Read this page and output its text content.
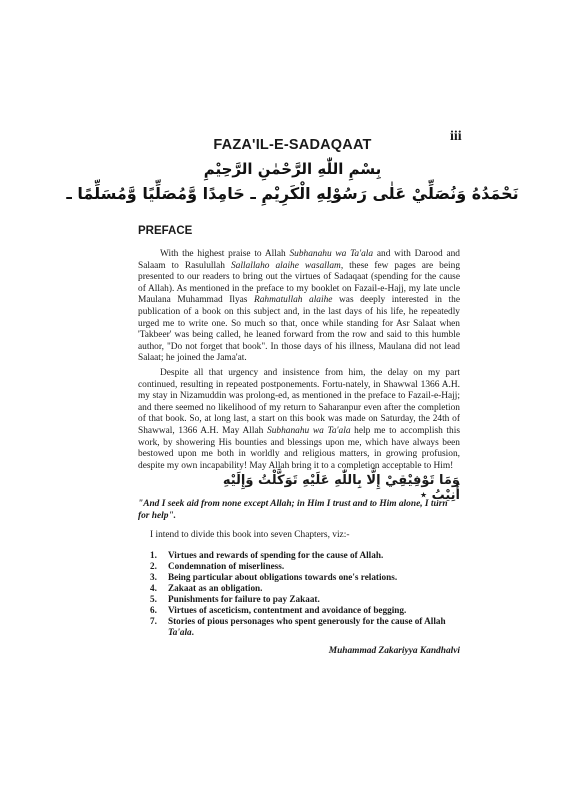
FAZA'IL-E-SADAQAAT
iii
بِسْمِ اللّٰهِ الرَّحْمٰنِ الرَّحِيْمِ
نَحْمَدُهُ وَنُصَلِّيْ عَلٰى رَسُوْلِهِ الْكَرِيْمِ ـ حَامِدًا وَّمُصَلِّيًا وَّمُسَلِّمًا ـ
PREFACE

With the highest praise to Allah Subhanahu wa Ta'ala and with Darood and Salaam to Rasulullah Sallallaho alaihe wasallam, these few pages are being presented to our readers to bring out the virtues of Sadaqaat (spending for the cause of Allah). As mentioned in the preface to my booklet on Fazail-e-Hajj, my late uncle Maulana Muhammad Ilyas Rahmatullah alaihe was deeply interested in the publication of a book on this subject and, in the last days of his life, he repeatedly urged me to write one. So much so that, once while standing for Asr Salaat when 'Takbeer' was being called, he leaned forward from the row and said to this humble author, "Do not forget that book". In those days of his illness, Maulana did not lead Salaat; he joined the Jama'at.

Despite all that urgency and insistence from him, the delay on my part continued, resulting in repeated postponements. Fortu-nately, in Shawwal 1366 A.H. my stay in Nizamuddin was prolong-ed, as mentioned in the preface to Fazail-e-Hajj; and there seemed no likelihood of my return to Saharanpur even after the completion of that book. So, at long last, a start on this book was made on Saturday, the 24th of Shawwal, 1366 A.H. May Allah Subhanahu wa Ta'ala help me to accomplish this work, by showering His bounties and blessings upon me, which have always been bestowed upon me both in worldly and religious matters, in growing profusion, despite my own incapability! May Allah bring it to a completion acceptable to Him!

وَمَا تَوْفِيْقِيْ إِلَّا بِاللّٰهِ عَلَيْهِ تَوَكَّلْتُ وَإِلَيْهِ أُنِيْبُ ٭

"And I seek aid from none except Allah; in Him I trust and to Him alone, I turn for help".

I intend to divide this book into seven Chapters, viz:-

1.	Virtues and rewards of spending for the cause of Allah.
2.	Condemnation of miserliness.
3.	Being particular about obligations towards one's relations.
4.	Zakaat as an obligation.
5.	Punishments for failure to pay Zakaat.
6.	Virtues of asceticism, contentment and avoidance of begging.
7.	Stories of pious personages who spent generously for the cause of Allah Ta'ala.
Muhammad Zakariyya Kandhalvi
